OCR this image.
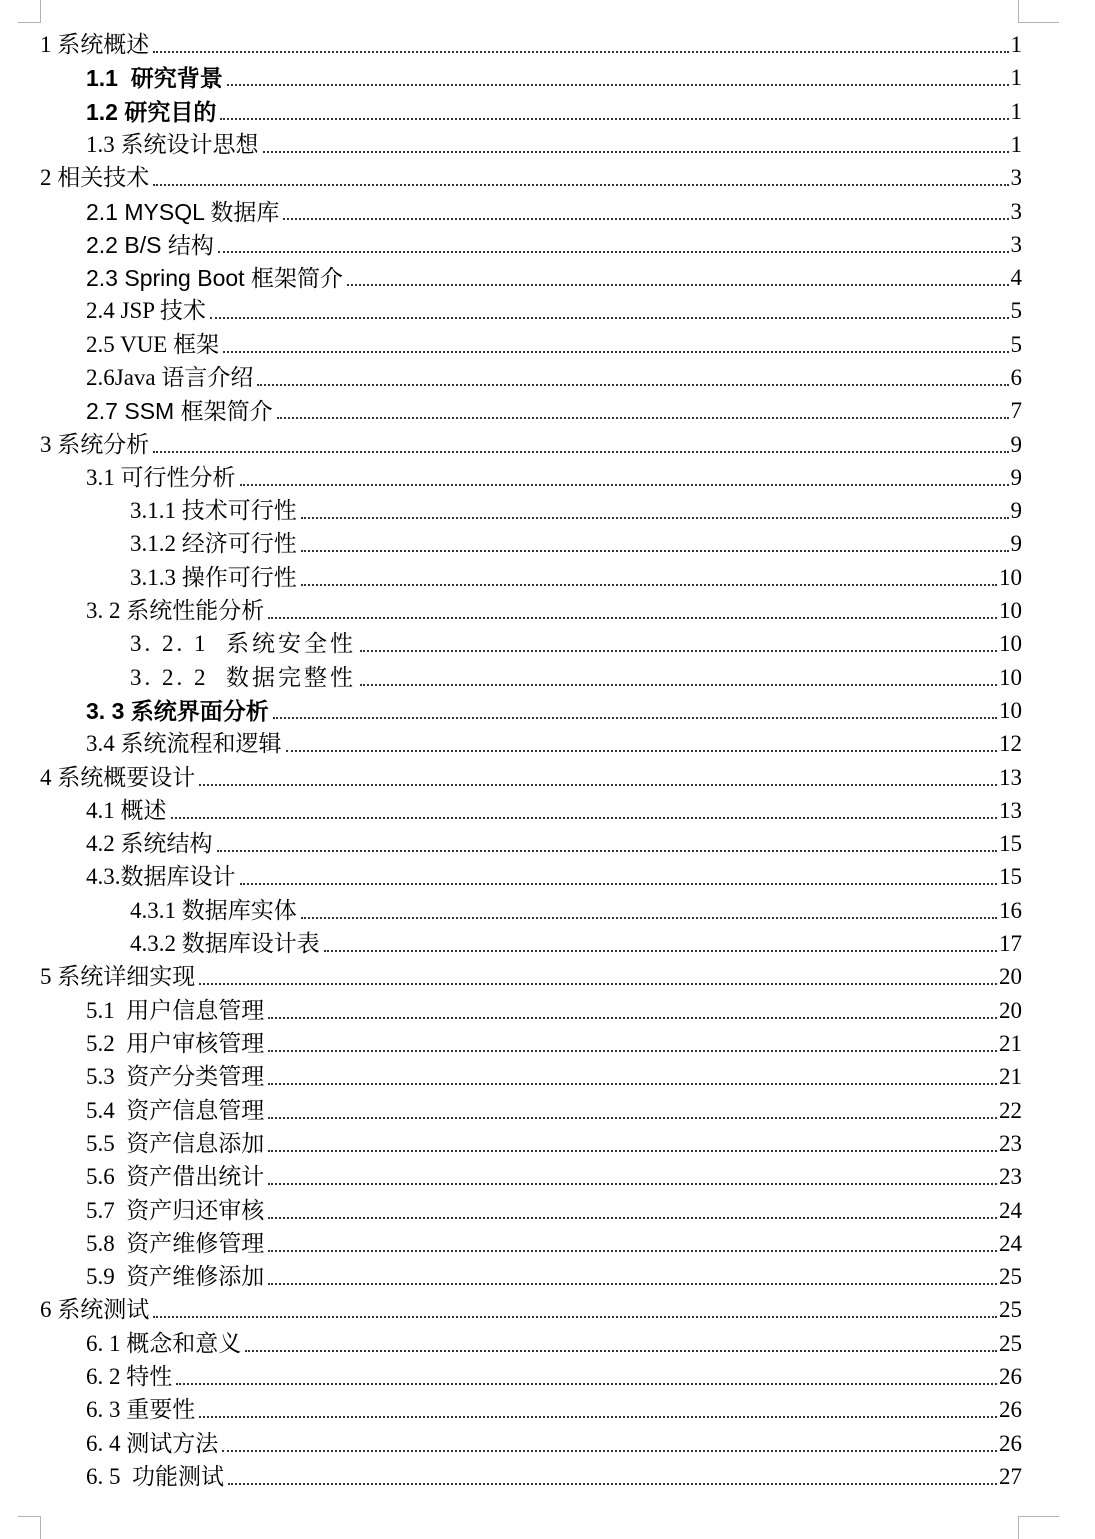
1 系统概述	1
1.1  研究背景	1
1.2 研究目的	1
1.3 系统设计思想	1
2 相关技术	3
2.1 MYSQL 数据库	3
2.2 B/S 结构	3
2.3 Spring Boot 框架简介	4
2.4 JSP 技术	5
2.5 VUE 框架	5
2.6Java 语言介绍	6
2.7 SSM 框架简介	7
3 系统分析	9
3.1 可行性分析	9
3.1.1 技术可行性	9
3.1.2 经济可行性	9
3.1.3 操作可行性	10
3. 2 系统性能分析	10
3. 2. 1  系统安全性	10
3. 2. 2  数据完整性	10
3. 3 系统界面分析	10
3.4 系统流程和逻辑	12
4 系统概要设计	13
4.1 概述	13
4.2 系统结构	15
4.3.数据库设计	15
4.3.1 数据库实体	16
4.3.2 数据库设计表	17
5 系统详细实现	20
5.1  用户信息管理	20
5.2  用户审核管理	21
5.3  资产分类管理	21
5.4  资产信息管理	22
5.5  资产信息添加	23
5.6  资产借出统计	23
5.7  资产归还审核	24
5.8  资产维修管理	24
5.9  资产维修添加	25
6 系统测试	25
6. 1 概念和意义	25
6. 2 特性	26
6. 3 重要性	26
6. 4 测试方法	26
6. 5  功能测试	27
